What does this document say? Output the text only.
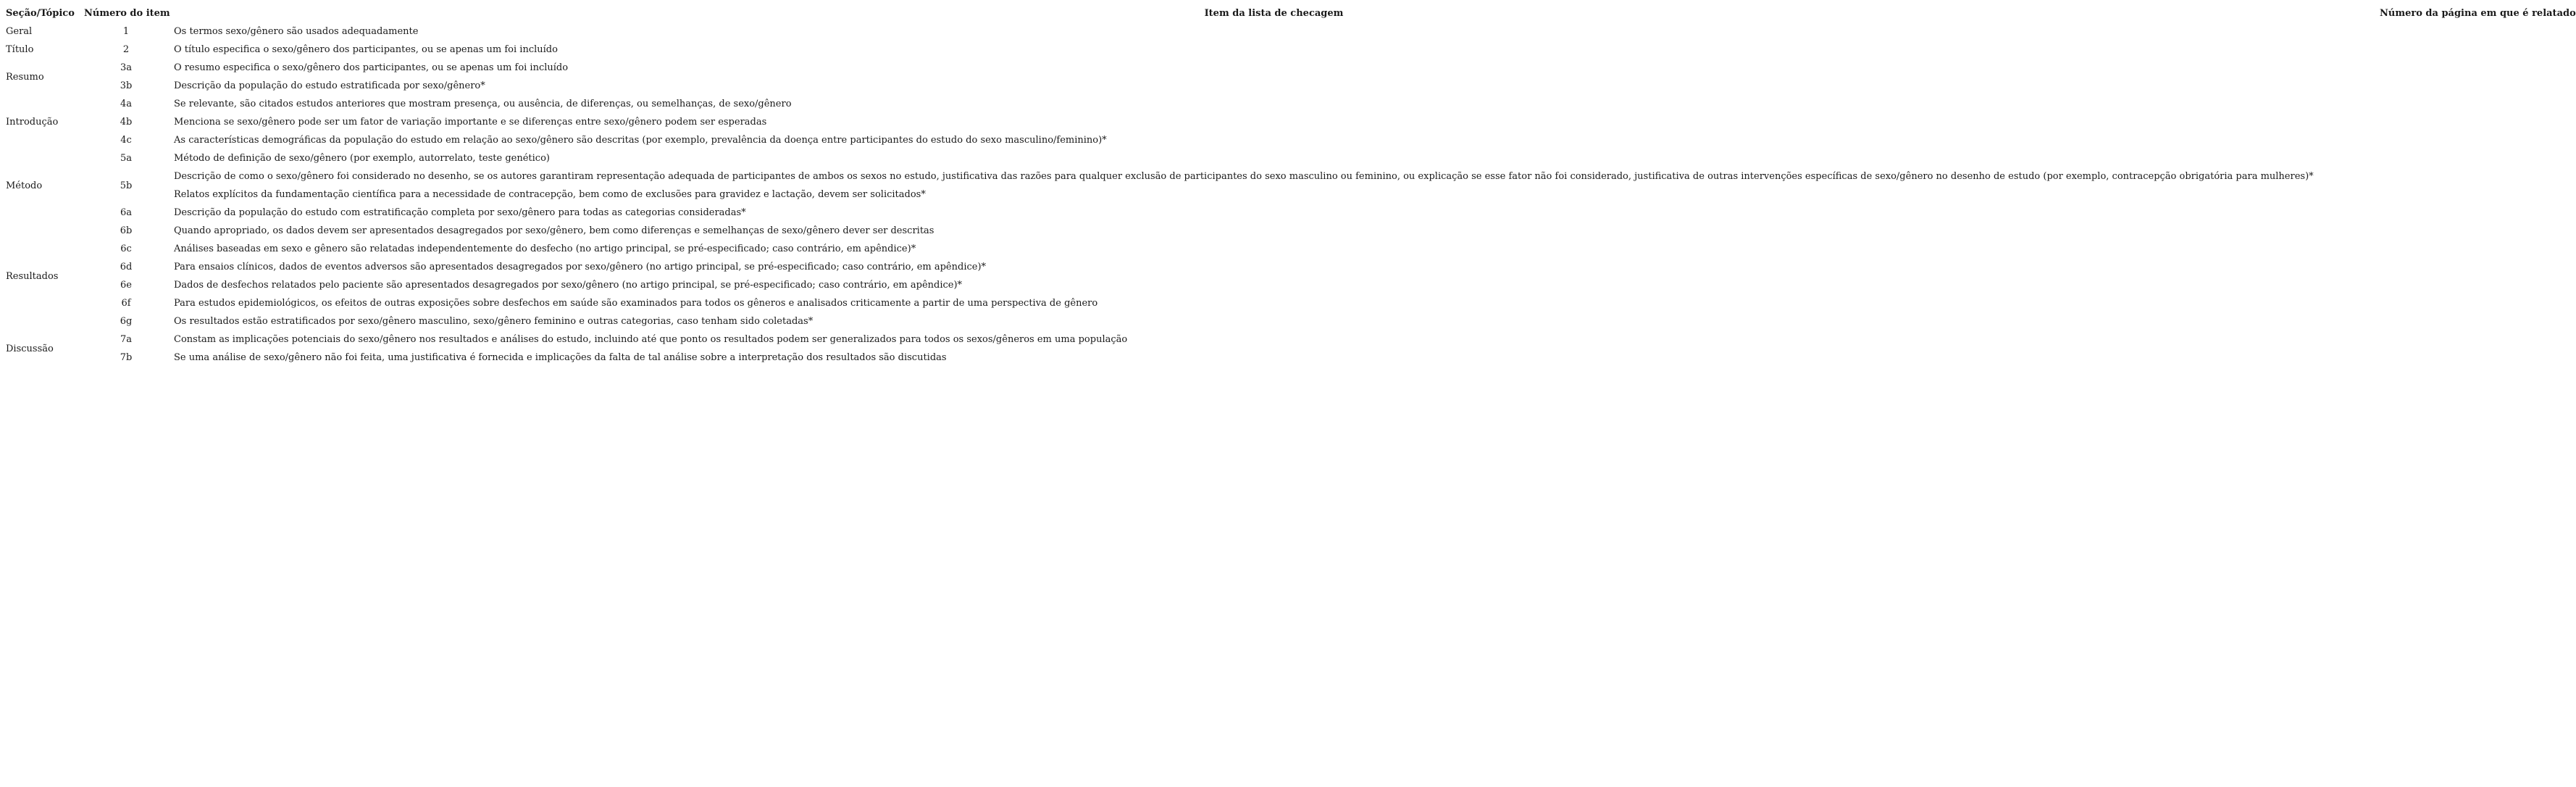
Seção/Tópico	Número do item	Item da lista de checagem	Número da página em que é relatado
Geral	1	Os termos sexo/gênero são usados adequadamente	
Título	2	O título especifica o sexo/gênero dos participantes, ou se apenas um foi incluído	
Resumo	3a	O resumo especifica o sexo/gênero dos participantes, ou se apenas um foi incluído	
	3b	Descrição da população do estudo estratificada por sexo/gênero*	
Introdução	4a	Se relevante, são citados estudos anteriores que mostram presença, ou ausência, de diferenças, ou semelhanças, de sexo/gênero	
	4b	Menciona se sexo/gênero pode ser um fator de variação importante e se diferenças entre sexo/gênero podem ser esperadas	
	4c	As características demográficas da população do estudo em relação ao sexo/gênero são descritas (por exemplo, prevalência da doença entre participantes do estudo do sexo masculino/feminino)*	
Método	5a	Método de definição de sexo/gênero (por exemplo, autorrelato, teste genético)	
	5b	Descrição de como o sexo/gênero foi considerado no desenho, se os autores garantiram representação adequada de participantes de ambos os sexos no estudo, justificativa das razões para qualquer exclusão de participantes do sexo masculino ou feminino, ou explicação se esse fator não foi considerado, justificativa de outras intervenções específicas de sexo/gênero no desenho de estudo (por exemplo, contracepção obrigatória para mulheres)*	
		Relatos explícitos da fundamentação científica para a necessidade de contracepção, bem como de exclusões para gravidez e lactação, devem ser solicitados*	
	6a	Descrição da população do estudo com estratificação completa por sexo/gênero para todas as categorias consideradas*	
Resultados	6b	Quando apropriado, os dados devem ser apresentados desagregados por sexo/gênero, bem como diferenças e semelhanças de sexo/gênero dever ser descritas	
	6c	Análises baseadas em sexo e gênero são relatadas independentemente do desfecho (no artigo principal, se pré-especificado; caso contrário, em apêndice)*	
	6d	Para ensaios clínicos, dados de eventos adversos são apresentados desagregados por sexo/gênero (no artigo principal, se pré-especificado; caso contrário, em apêndice)*	
	6e	Dados de desfechos relatados pelo paciente são apresentados desagregados por sexo/gênero (no artigo principal, se pré-especificado; caso contrário, em apêndice)*	
	6f	Para estudos epidemiológicos, os efeitos de outras exposições sobre desfechos em saúde são examinados para todos os gêneros e analisados criticamente a partir de uma perspectiva de gênero	
	6g	Os resultados estão estratificados por sexo/gênero masculino, sexo/gênero feminino e outras categorias, caso tenham sido coletadas*	
Discussão	7a	Constam as implicações potenciais do sexo/gênero nos resultados e análises do estudo, incluindo até que ponto os resultados podem ser generalizados para todos os sexos/gêneros em uma população	
	7b	Se uma análise de sexo/gênero não foi feita, uma justificativa é fornecida e implicações da falta de tal análise sobre a interpretação dos resultados são discutidas	
